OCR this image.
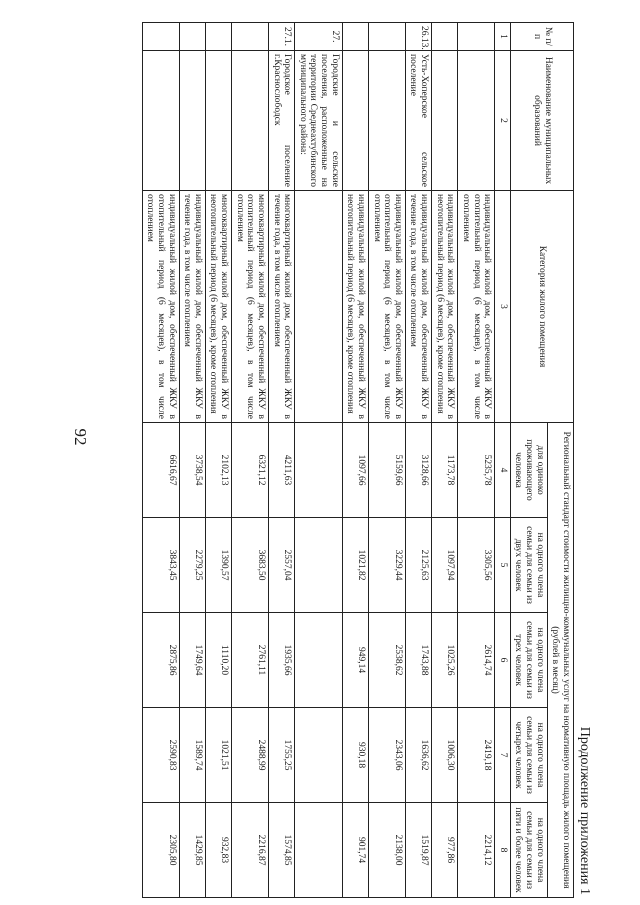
92
Продолжение приложения 1
№ п/п	Наименование муниципальных образований	Категория жилого помещения	Региональный стандарт стоимости жилищно-коммунальных услуг на нормативную площадь жилого помещения (рублей в месяц)				
			для одиноко проживающего человека	на одного члена семьи для семьи из двух человек	на одного члена семьи для семьи из трех человек	на одного члена семьи для семьи из четырех человек	на одного члена семьи для семьи из пяти и более человек
1	2	3	4	5	6	7	8
		индивидуальный жилой дом, обеспеченный ЖКУ в отопительный период (6 месяцев), в том числе отоплением	5235,78	3305,56	2614,74	2419,18	2214,12
		индивидуальный жилой дом, обеспеченный ЖКУ в неотопительный период (6 месяцев), кроме отопления	1173,78	1097,94	1025,26	1006,30	977,86
26.13.	Усть-Хоперское сельское поселение	индивидуальный жилой дом, обеспеченный ЖКУ в течение года, в том числе отоплением	3128,66	2125,63	1743,88	1636,62	1519,87
		индивидуальный жилой дом, обеспеченный ЖКУ в отопительный период (6 месяцев), в том числе отоплением	5159,66	3229,44	2538,62	2343,06	2138,00
		индивидуальный жилой дом, обеспеченный ЖКУ в неотопительный период (6 месяцев), кроме отопления	1097,66	1021,82	949,14	930,18	901,74
27.	Городские и сельские поселения, расположенные на территории Среднеахтубинского муниципального района:						
27.1.	Городское поселение г.Краснослободск	многоквартирный жилой дом, обеспеченный ЖКУ в течение года, в том числе отоплением	4211,63	2557,04	1935,66	1755,25	1574,85
		многоквартирный жилой дом, обеспеченный ЖКУ в отопительный период (6 месяцев), в том числе отоплением	6321,12	3683,50	2761,11	2488,99	2216,87
		многоквартирный жилой дом, обеспеченный ЖКУ в неотопительный период (6 месяцев), кроме отопления	2102,13	1390,57	1110,20	1021,51	932,83
		индивидуальный жилой дом, обеспеченный ЖКУ в течение года, в том числе отоплением	3738,54	2279,25	1749,64	1589,74	1429,85
		индивидуальный жилой дом, обеспеченный ЖКУ в отопительный период (6 месяцев), в том числе отоплением	6616,67	3843,45	2875,86	2590,83	2305,80
